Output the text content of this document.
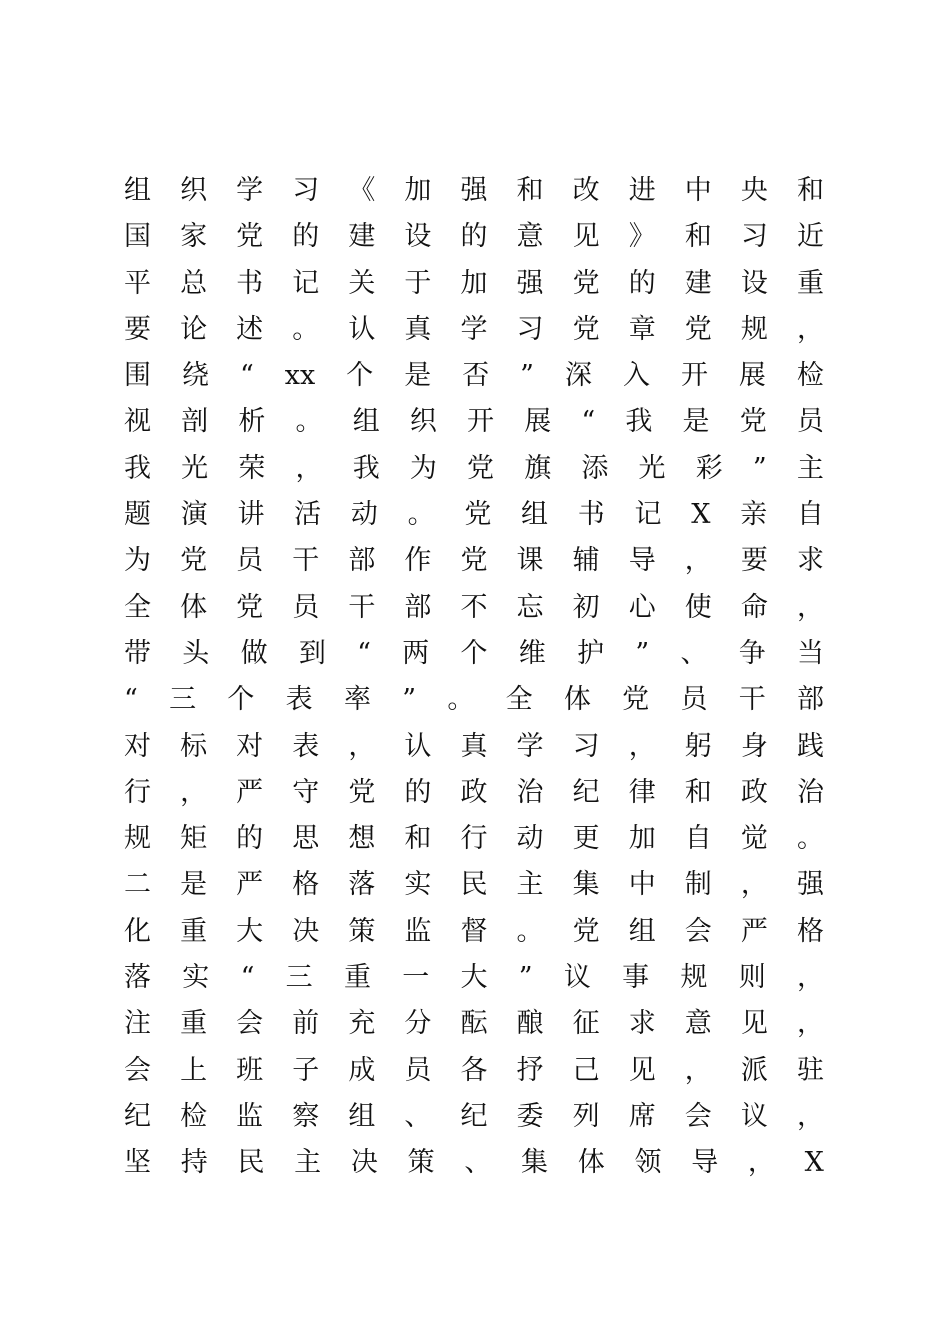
组 织 学 习 《 加 强 和 改 进 中 央 和
国 家 党 的 建 设 的 意 见 》 和 习 近
平 总 书 记 关 于 加 强 党 的 建 设 重
要 论 述 。 认 真 学 习 党 章 党 规 ，
围 绕 “ xx 个 是 否 ” 深 入 开 展 检
视 剖 析 。 组 织 开 展 “ 我 是 党 员
我 光 荣 ， 我 为 党 旗 添 光 彩 ” 主
题 演 讲 活 动 。 党 组 书 记 X 亲 自
为 党 员 干 部 作 党 课 辅 导 ， 要 求
全 体 党 员 干 部 不 忘 初 心 使 命 ，
带 头 做 到 “ 两 个 维 护 ” 、 争 当
“ 三 个 表 率 ” 。 全 体 党 员 干 部
对 标 对 表 ， 认 真 学 习 ， 躬 身 践
行 ， 严 守 党 的 政 治 纪 律 和 政 治
规 矩 的 思 想 和 行 动 更 加 自 觉 。
二 是 严 格 落 实 民 主 集 中 制 ， 强
化 重 大 决 策 监 督 。 党 组 会 严 格
落 实 “ 三 重 一 大 ” 议 事 规 则 ，
注 重 会 前 充 分 酝 酿 征 求 意 见 ，
会 上 班 子 成 员 各 抒 己 见 ， 派 驻
纪 检 监 察 组 、 纪 委 列 席 会 议 ，
坚 持 民 主 决 策 、 集 体 领 导 ， X
